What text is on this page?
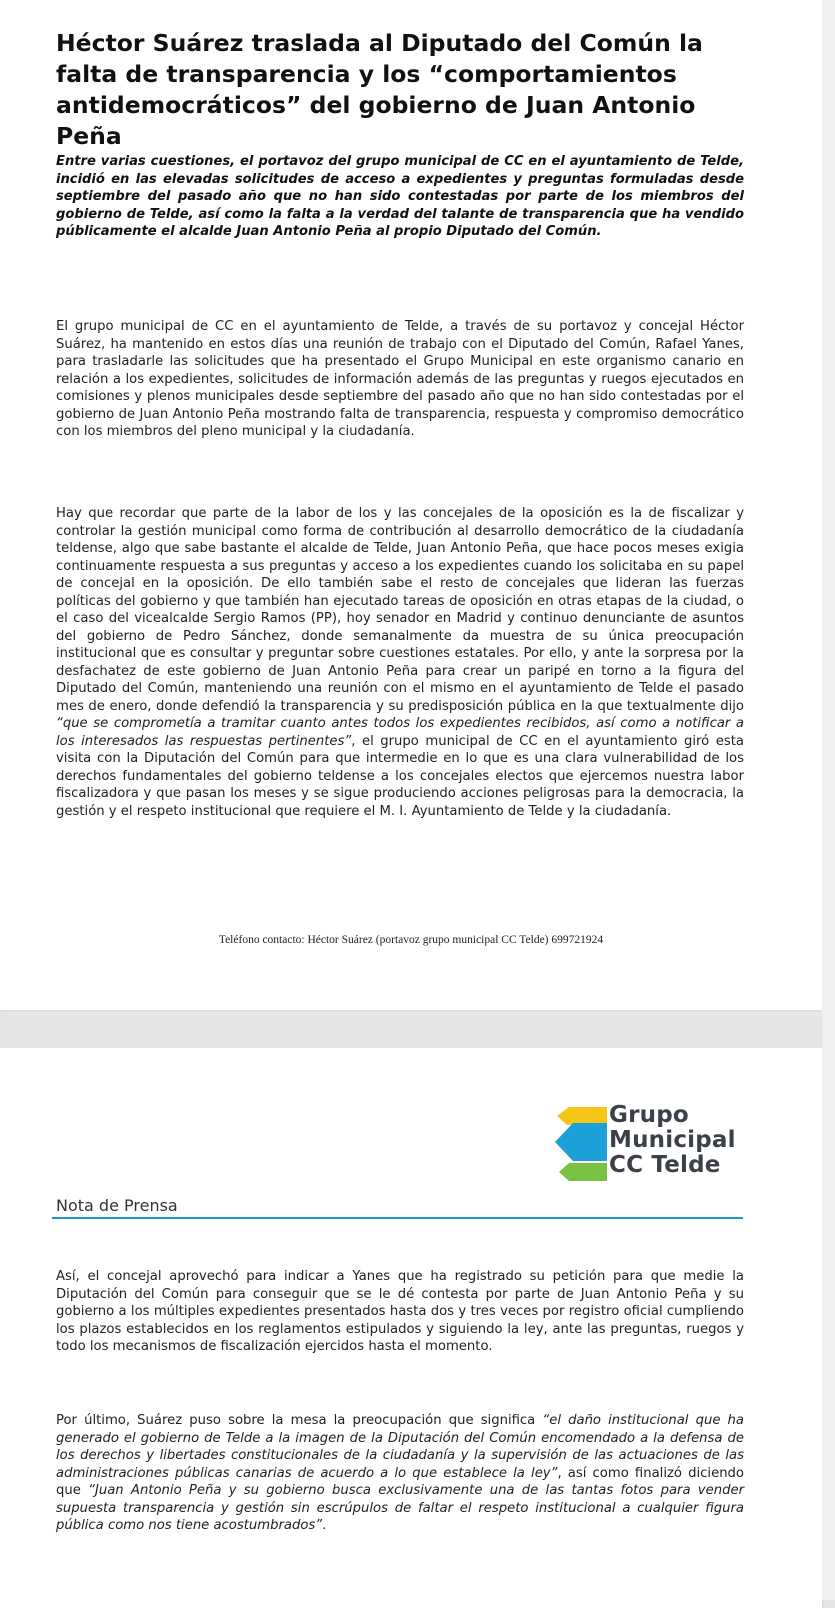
Héctor Suárez traslada al Diputado del Común la falta de transparencia y los “comportamientos antidemocráticos” del gobierno de Juan Antonio Peña

Entre varias cuestiones, el portavoz del grupo municipal de CC en el ayuntamiento de Telde, incidió en las elevadas solicitudes de acceso a expedientes y preguntas formuladas desde septiembre del pasado año que no han sido contestadas por parte de los miembros del gobierno de Telde, así como la falta a la verdad del talante de transparencia que ha vendido públicamente el alcalde Juan Antonio Peña al propio Diputado del Común.

El grupo municipal de CC en el ayuntamiento de Telde, a través de su portavoz y concejal Héctor Suárez, ha mantenido en estos días una reunión de trabajo con el Diputado del Común, Rafael Yanes, para trasladarle las solicitudes que ha presentado el Grupo Municipal en este organismo canario en relación a los expedientes, solicitudes de información además de las preguntas y ruegos ejecutados en comisiones y plenos municipales desde septiembre del pasado año que no han sido contestadas por el gobierno de Juan Antonio Peña mostrando falta de transparencia, respuesta y compromiso democrático con los miembros del pleno municipal y la ciudadanía.

Hay que recordar que parte de la labor de los y las concejales de la oposición es la de fiscalizar y controlar la gestión municipal como forma de contribución al desarrollo democrático de la ciudadanía teldense, algo que sabe bastante el alcalde de Telde, Juan Antonio Peña, que hace pocos meses exigia continuamente respuesta a sus preguntas y acceso a los expedientes cuando los solicitaba en su papel de concejal en la oposición. De ello también sabe el resto de concejales que lideran las fuerzas políticas del gobierno y que también han ejecutado tareas de oposición en otras etapas de la ciudad, o el caso del vicealcalde Sergio Ramos (PP), hoy senador en Madrid y continuo denunciante de asuntos del gobierno de Pedro Sánchez, donde semanalmente da muestra de su única preocupación institucional que es consultar y preguntar sobre cuestiones estatales. Por ello, y ante la sorpresa por la desfachatez de este gobierno de Juan Antonio Peña para crear un paripé en torno a la figura del Diputado del Común, manteniendo una reunión con el mismo en el ayuntamiento de Telde el pasado mes de enero, donde defendió la transparencia y su predisposición pública en la que textualmente dijo “que se comprometía a tramitar cuanto antes todos los expedientes recibidos, así como a notificar a los interesados las respuestas pertinentes”, el grupo municipal de CC en el ayuntamiento giró esta visita con la Diputación del Común para que intermedie en lo que es una clara vulnerabilidad de los derechos fundamentales del gobierno teldense a los concejales electos que ejercemos nuestra labor fiscalizadora y que pasan los meses y se sigue produciendo acciones peligrosas para la democracia, la gestión y el respeto institucional que requiere el M. I. Ayuntamiento de Telde y la ciudadanía.

Teléfono contacto: Héctor Suárez (portavoz grupo municipal CC Telde) 699721924

Grupo
Municipal
CC Telde

Nota de Prensa

Así, el concejal aprovechó para indicar a Yanes que ha registrado su petición para que medie la Diputación del Común para conseguir que se le dé contesta por parte de Juan Antonio Peña y su gobierno a los múltiples expedientes presentados hasta dos y tres veces por registro oficial cumpliendo los plazos establecidos en los reglamentos estipulados y siguiendo la ley, ante las preguntas, ruegos y todo los mecanismos de fiscalización ejercidos hasta el momento.

Por último, Suárez puso sobre la mesa la preocupación que significa “el daño institucional que ha generado el gobierno de Telde a la imagen de la Diputación del Común encomendado a la defensa de los derechos y libertades constitucionales de la ciudadanía y la supervisión de las actuaciones de las administraciones públicas canarias de acuerdo a lo que establece la ley”, así como finalizó diciendo que “Juan Antonio Peña y su gobierno busca exclusivamente una de las tantas fotos para vender supuesta transparencia y gestión sin escrúpulos de faltar el respeto institucional a cualquier figura pública como nos tiene acostumbrados”.
